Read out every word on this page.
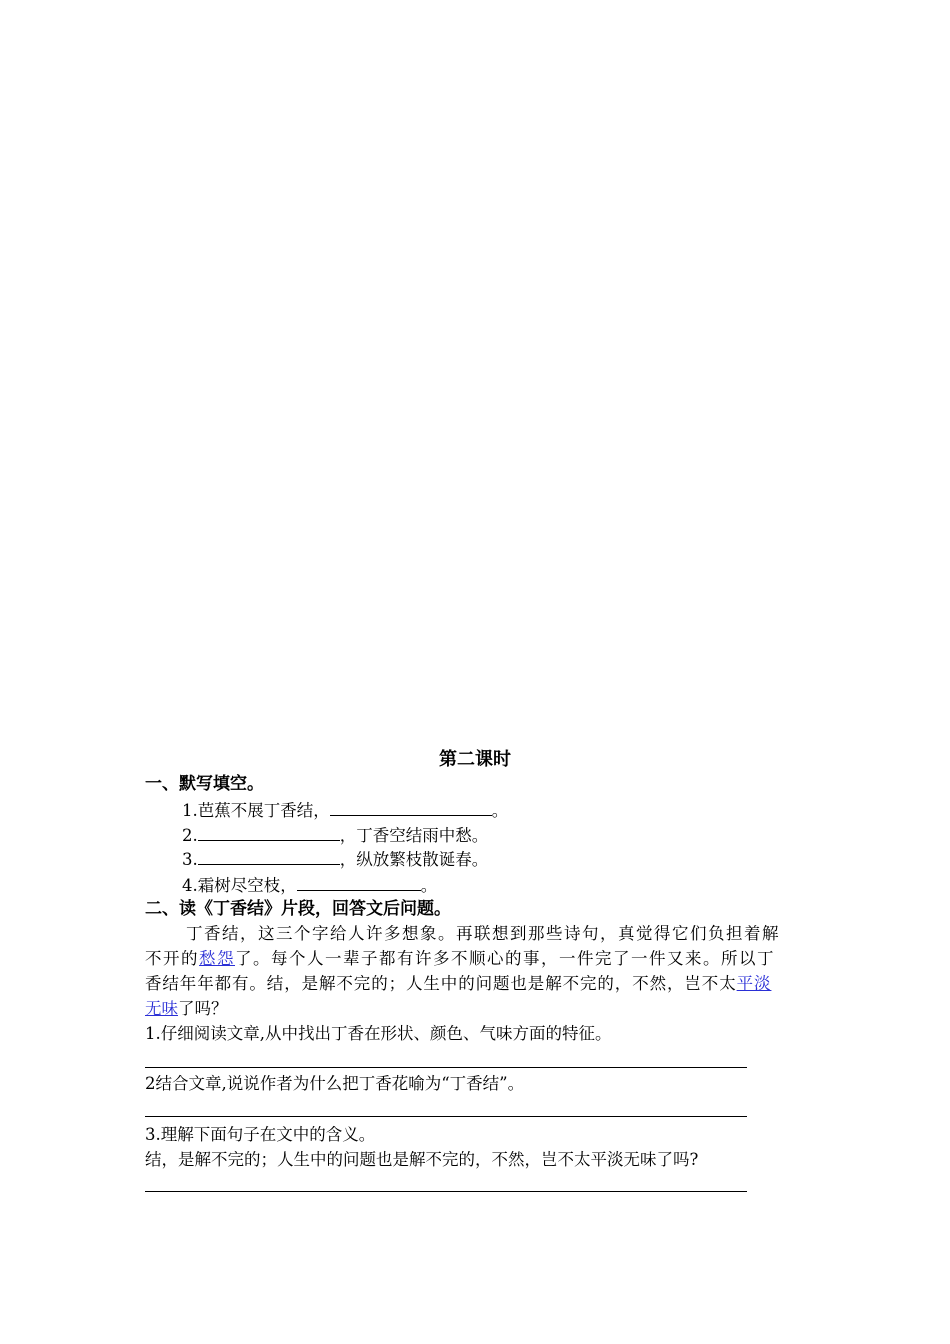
第二课时
一、默写填空。
1.芭蕉不展丁香结，	。
2.	，丁香空结雨中愁。
3.	，纵放繁枝散诞春。
4.霜树尽空枝，	。
二、读《丁香结》片段，回答文后问题。
丁香结，这三个字给人许多想象。再联想到那些诗句，真觉得它们负担着解
不开的愁怨了。每个人一辈子都有许多不顺心的事，一件完了一件又来。所以丁
香结年年都有。结，是解不完的；人生中的问题也是解不完的，不然，岂不太平淡
无味了吗？
1.仔细阅读文章,从中找出丁香在形状、颜色、气味方面的特征。
2结合文章,说说作者为什么把丁香花喻为“丁香结”。
3.理解下面句子在文中的含义。
结，是解不完的；人生中的问题也是解不完的，不然，岂不太平淡无味了吗?
